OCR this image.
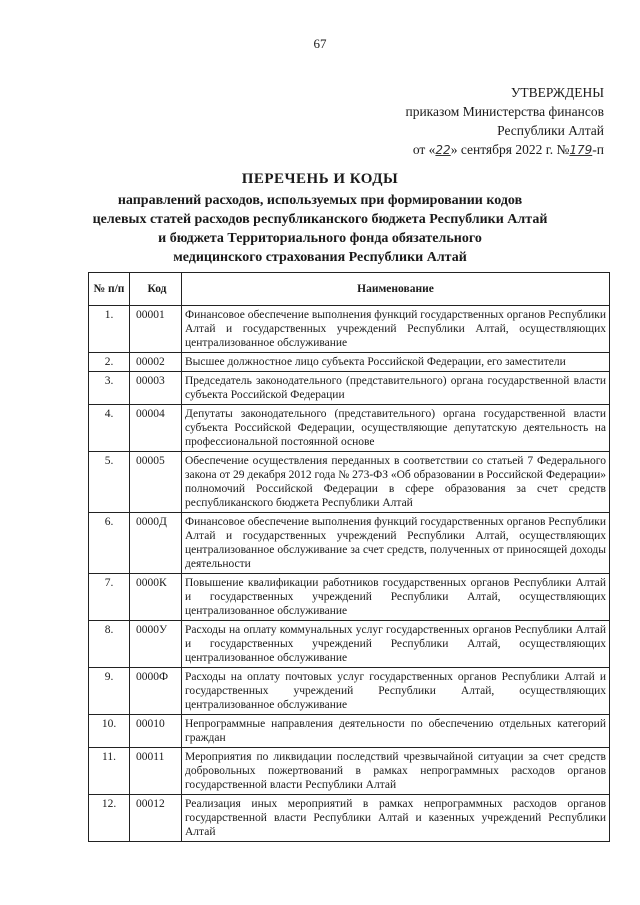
67
УТВЕРЖДЕНЫ
приказом Министерства финансов
Республики Алтай
от «22» сентября 2022 г. №179-п
ПЕРЕЧЕНЬ И КОДЫ
направлений расходов, используемых при формировании кодов
целевых статей расходов республиканского бюджета Республики Алтай
и бюджета Территориального фонда обязательного
медицинского страхования Республики Алтай
№ п/п	Код	Наименование
1.	00001	Финансовое обеспечение выполнения функций государственных органов Республики Алтай и государственных учреждений Республики Алтай, осуществляющих централизованное обслуживание
2.	00002	Высшее должностное лицо субъекта Российской Федерации, его заместители
3.	00003	Председатель законодательного (представительного) органа государственной власти субъекта Российской Федерации
4.	00004	Депутаты законодательного (представительного) органа государственной власти субъекта Российской Федерации, осуществляющие депутатскую деятельность на профессиональной постоянной основе
5.	00005	Обеспечение осуществления переданных в соответствии со статьей 7 Федерального закона от 29 декабря 2012 года № 273-ФЗ «Об образовании в Российской Федерации» полномочий Российской Федерации в сфере образования за счет средств республиканского бюджета Республики Алтай
6.	0000Д	Финансовое обеспечение выполнения функций государственных органов Республики Алтай и государственных учреждений Республики Алтай, осуществляющих централизованное обслуживание за счет средств, полученных от приносящей доходы деятельности
7.	0000К	Повышение квалификации работников государственных органов Республики Алтай и государственных учреждений Республики Алтай, осуществляющих централизованное обслуживание
8.	0000У	Расходы на оплату коммунальных услуг государственных органов Республики Алтай и государственных учреждений Республики Алтай, осуществляющих централизованное обслуживание
9.	0000Ф	Расходы на оплату почтовых услуг государственных органов Республики Алтай и государственных учреждений Республики Алтай, осуществляющих централизованное обслуживание
10.	00010	Непрограммные направления деятельности по обеспечению отдельных категорий граждан
11.	00011	Мероприятия по ликвидации последствий чрезвычайной ситуации за счет средств добровольных пожертвований в рамках непрограммных расходов органов государственной власти Республики Алтай
12.	00012	Реализация иных мероприятий в рамках непрограммных расходов органов государственной власти Республики Алтай и казенных учреждений Республики Алтай
